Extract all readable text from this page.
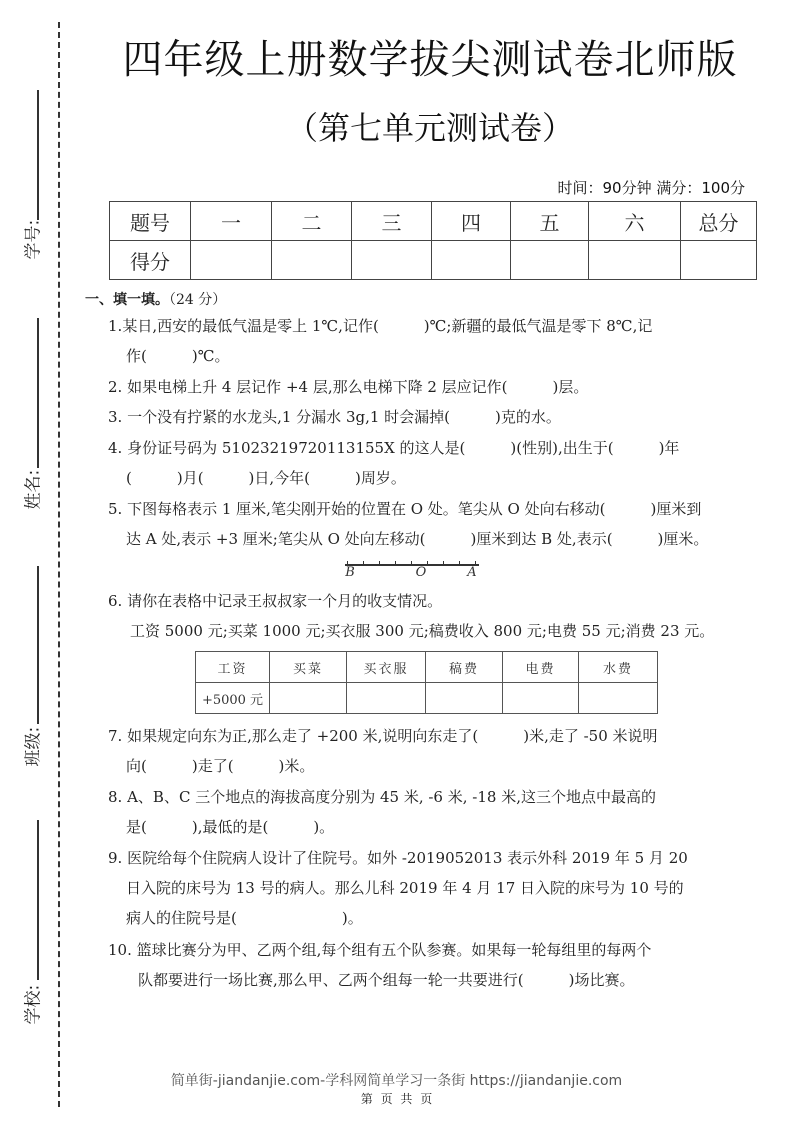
学号:
姓名:
班级:
学校:
四年级上册数学拔尖测试卷北师版
（第七单元测试卷）
时间：90分钟 满分：100分
题号	一	二	三	四	五	六	总分
得分							
一、填一填。（24 分）
1.某日,西安的最低气温是零上 1℃,记作(　　　)℃;新疆的最低气温是零下 8℃,记
作(　　　)℃。
2. 如果电梯上升 4 层记作 +4 层,那么电梯下降 2 层应记作(　　　)层。
3. 一个没有拧紧的水龙头,1 分漏水 3g,1 时会漏掉(　　　)克的水。
4. 身份证号码为 51023219720113155X 的这人是(　　　)(性别),出生于(　　　)年
(　　　)月(　　　)日,今年(　　　)周岁。
5. 下图每格表示 1 厘米,笔尖刚开始的位置在 O 处。笔尖从 O 处向右移动(　　　)厘米到
达 A 处,表示 +3 厘米;笔尖从 O 处向左移动(　　　)厘米到达 B 处,表示(　　　)厘米。
B	O	A
6. 请你在表格中记录王叔叔家一个月的收支情况。
工资 5000 元;买菜 1000 元;买衣服 300 元;稿费收入 800 元;电费 55 元;消费 23 元。
工资	买菜	买衣服	稿费	电费	水费
+5000 元					
7. 如果规定向东为正,那么走了 +200 米,说明向东走了(　　　)米,走了 -50 米说明
向(　　　)走了(　　　)米。
8. A、B、C 三个地点的海拔高度分别为 45 米, -6 米, -18 米,这三个地点中最高的
是(　　　),最低的是(　　　)。
9. 医院给每个住院病人设计了住院号。如外 -2019052013 表示外科 2019 年 5 月 20
日入院的床号为 13 号的病人。那么儿科 2019 年 4 月 17 日入院的床号为 10 号的
病人的住院号是(　　　　　　　)。
10. 篮球比赛分为甲、乙两个组,每个组有五个队参赛。如果每一轮每组里的每两个
队都要进行一场比赛,那么甲、乙两个组每一轮一共要进行(　　　)场比赛。
简单街-jiandanjie.com-学科网简单学习一条街 https://jiandanjie.com
第 页 共 页
